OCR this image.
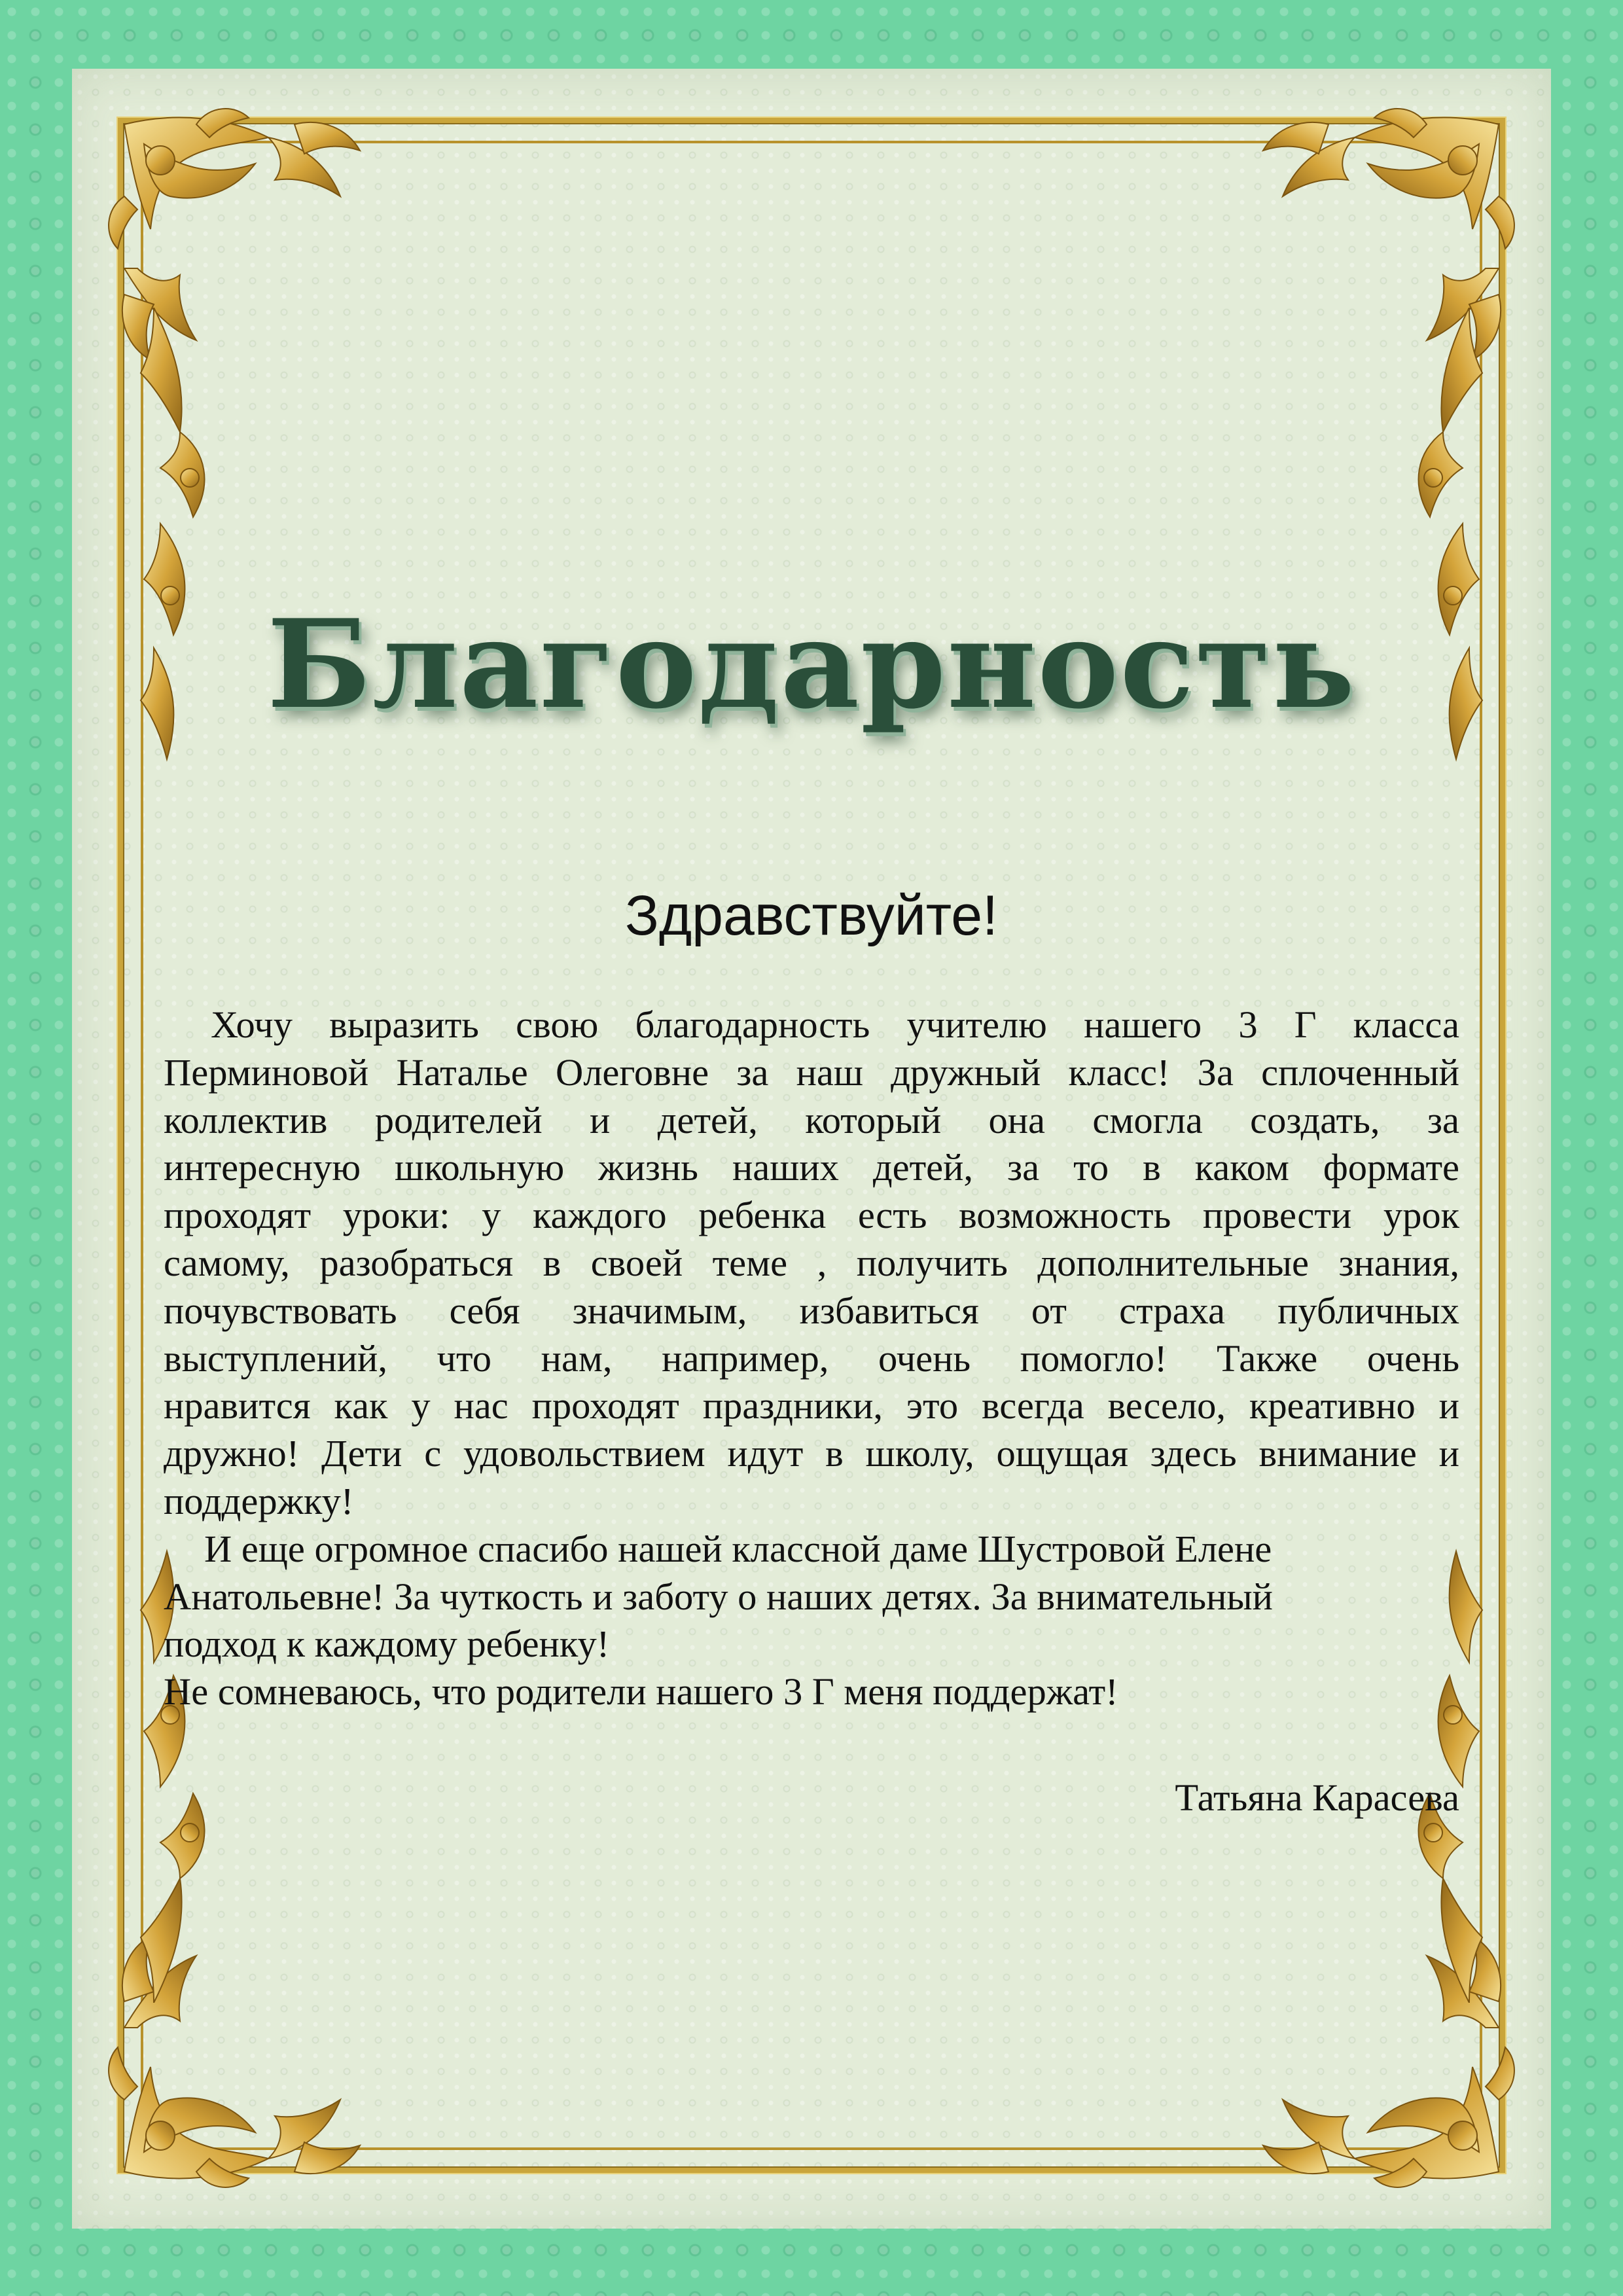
Благодарность

Здравствуйте!

Хочу выразить свою благодарность учителю нашего 3 Г класса
Перминовой Наталье Олеговне за наш дружный класс! За сплоченный
коллектив родителей и детей, который она смогла создать, за
интересную школьную жизнь наших детей, за то в каком формате
проходят уроки: у каждого ребенка есть возможность провести урок
самому, разобраться в своей теме , получить дополнительные знания,
почувствовать себя значимым, избавиться от страха публичных
выступлений, что нам, например, очень помогло! Также очень
нравится как у нас проходят праздники, это всегда весело, креативно и
дружно! Дети с удовольствием идут в школу, ощущая здесь внимание и
поддержку!
И еще огромное спасибо нашей классной даме Шустровой Елене
Анатольевне! За чуткость и заботу о наших детях. За внимательный
подход к каждому ребенку!
Не сомневаюсь, что родители нашего 3 Г меня поддержат!

Татьяна Карасева
